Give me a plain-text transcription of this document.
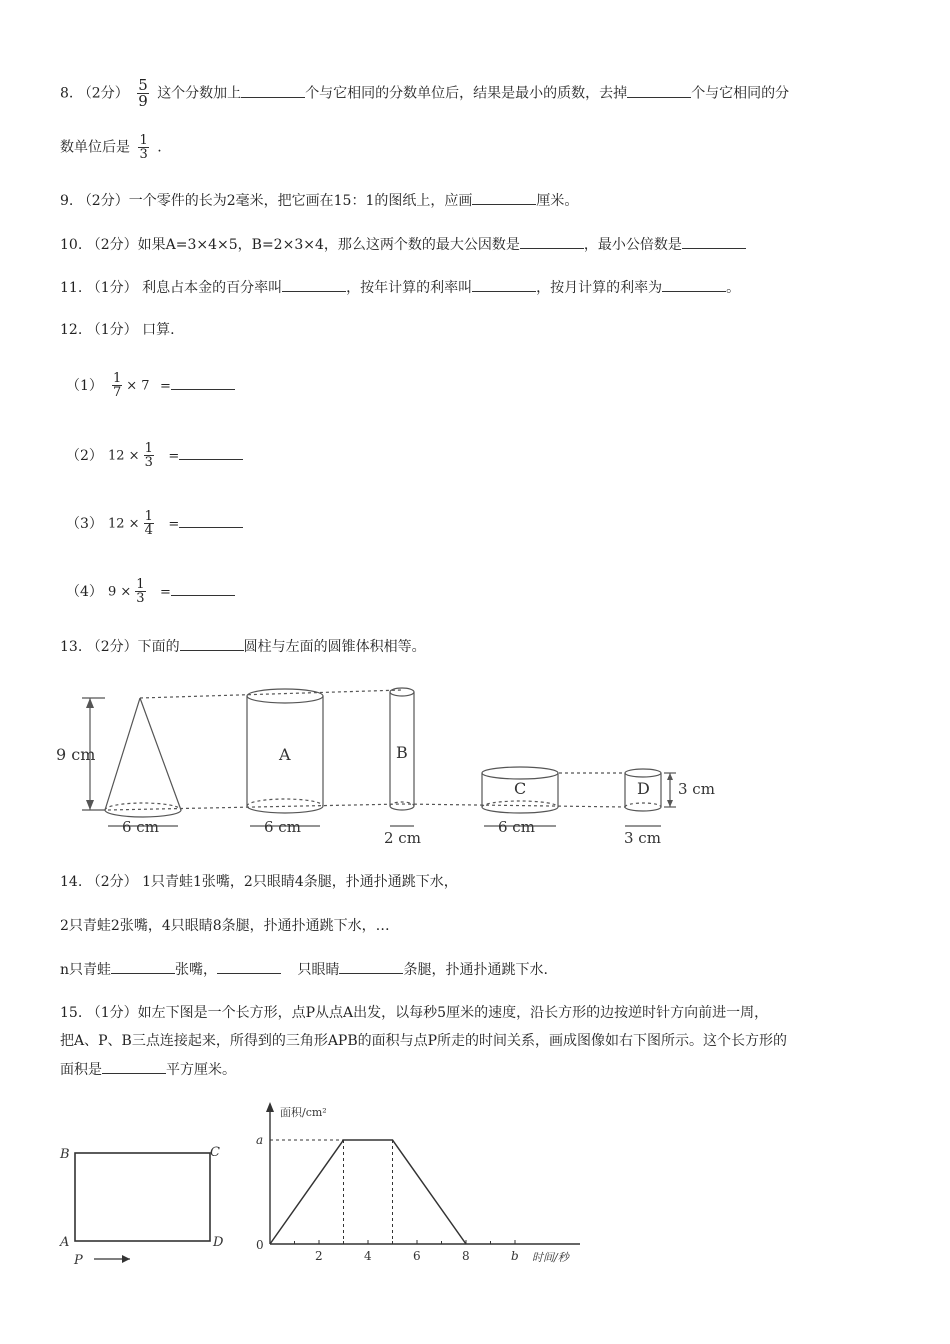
8. （2分） $\frac{5}{9}$ 这个分数加上	个与它相同的分数单位后，结果是最小的质数，去掉	个与它相同的分
数单位后是 $\frac{1}{3}$ .
9. （2分）一个零件的长为2毫米，把它画在15：1的图纸上，应画	厘米。
10. （2分）如果A=3×4×5，B=2×3×4，那么这两个数的最大公因数是	，最小公倍数是
11. （1分） 利息占本金的百分率叫	，按年计算的利率叫	，按月计算的利率为	。
12. （1分） 口算.
$(1) \frac{1}{7} \times 7$ =
（2） $12 \times \frac{1}{3}$ =
（3） $12 \times \frac{1}{4}$ =
（4） $9 \times \frac{1}{3}$ =
13. （2分）下面的	圆柱与左面的圆锥体积相等。
9 cm
6 cm
A
6 cm
B
2 cm
C
6 cm
D
3 cm
3 cm
14. （2分） 1只青蛙1张嘴，2只眼睛4条腿，扑通扑通跳下水，
2只青蛙2张嘴，4只眼睛8条腿，扑通扑通跳下水，…
n只青蛙	张嘴，	只眼睛	条腿，扑通扑通跳下水.
15. （1分）如左下图是一个长方形，点P从点A出发，以每秒5厘米的速度，沿长方形的边按逆时针方向前进一周，
把A、P、B三点连接起来，所得到的三角形APB的面积与点P所走的时间关系，画成图像如右下图所示。这个长方形的
面积是	平方厘米。
B	C
A	D
P
面积/cm²
时间/秒
2	4	6	8	b
0
a
